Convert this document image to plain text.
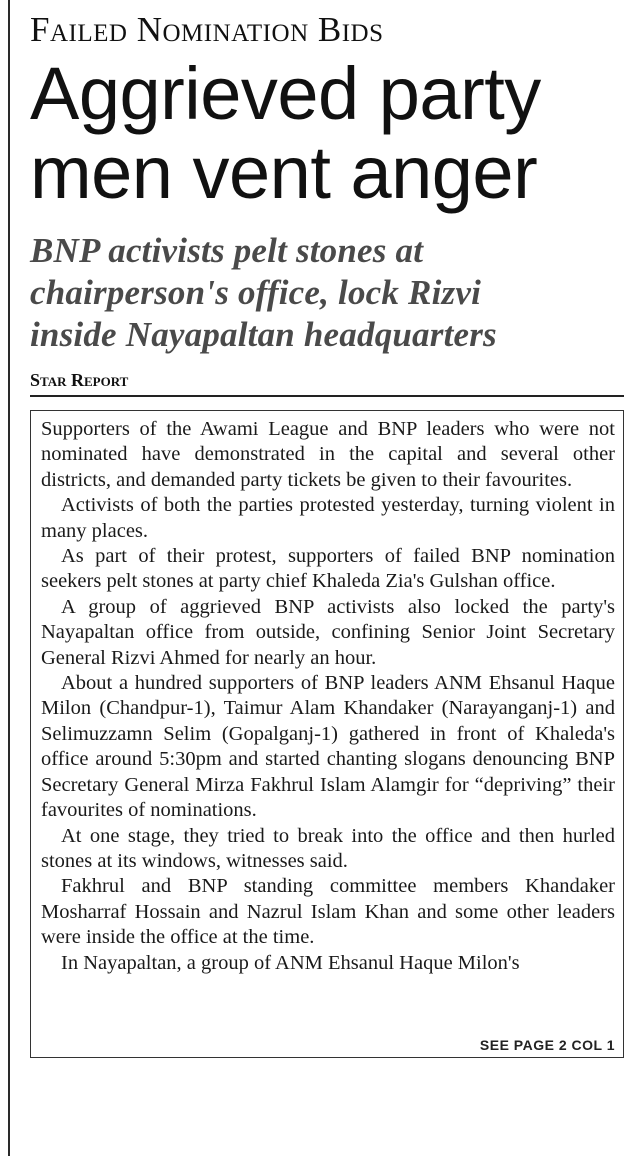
Failed Nomination Bids
Aggrieved party
men vent anger
BNP activists pelt stones at
chairperson's office, lock Rizvi
inside Nayapaltan headquarters
Star Report

Supporters of the Awami League and BNP leaders who were not nominated have demonstrated in the capital and several other districts, and demanded party tickets be given to their favourites.

Activists of both the parties protested yesterday, turning violent in many places.

As part of their protest, supporters of failed BNP nomination seekers pelt stones at party chief Khaleda Zia's Gulshan office.

A group of aggrieved BNP activists also locked the party's Nayapaltan office from outside, confining Senior Joint Secretary General Rizvi Ahmed for nearly an hour.

About a hundred supporters of BNP leaders ANM Ehsanul Haque Milon (Chandpur-1), Taimur Alam Khandaker (Narayanganj-1) and Selimuzzamn Selim (Gopalganj-1) gathered in front of Khaleda's office around 5:30pm and started chanting slogans denouncing BNP Secretary General Mirza Fakhrul Islam Alamgir for “depriving” their favourites of nominations.

At one stage, they tried to break into the office and then hurled stones at its windows, witnesses said.

Fakhrul and BNP standing committee members Khandaker Mosharraf Hossain and Nazrul Islam Khan and some other leaders were inside the office at the time.

In Nayapaltan, a group of ANM Ehsanul Haque Milon's

SEE PAGE 2 COL 1
